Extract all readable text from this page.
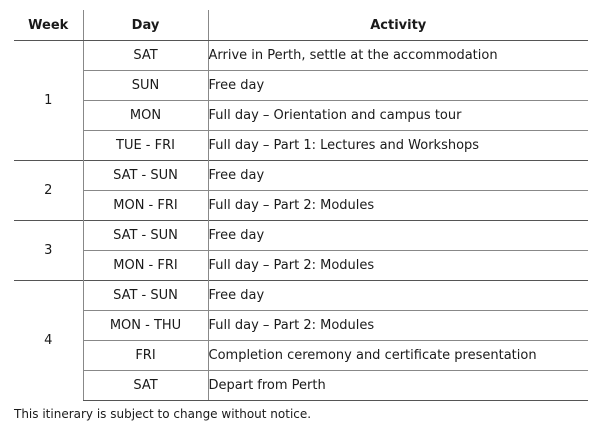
Week	Day	Activity
1	SAT	Arrive in Perth, settle at the accommodation
	SUN	Free day
	MON	Full day – Orientation and campus tour
	TUE - FRI	Full day – Part 1: Lectures and Workshops
2	SAT - SUN	Free day
	MON - FRI	Full day – Part 2: Modules
3	SAT - SUN	Free day
	MON - FRI	Full day – Part 2: Modules
4	SAT - SUN	Free day
	MON - THU	Full day – Part 2: Modules
	FRI	Completion ceremony and certificate presentation
	SAT	Depart from Perth
This itinerary is subject to change without notice.
